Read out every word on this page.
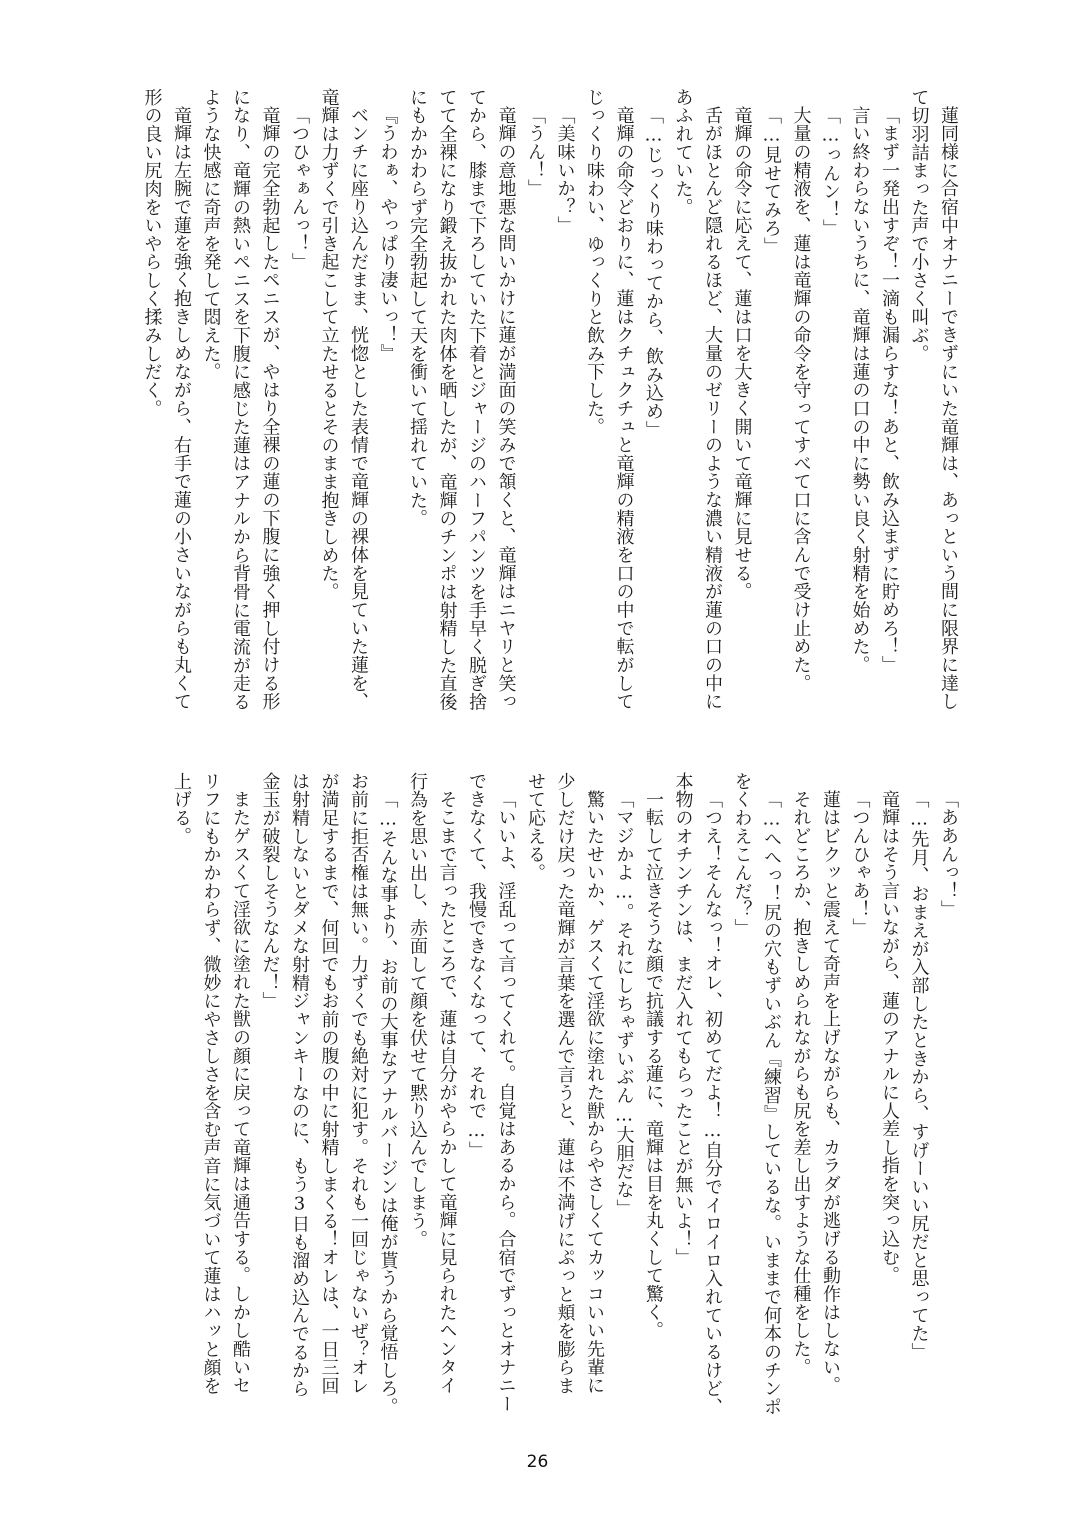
蓮同様に合宿中オナニーできずにいた竜輝は、あっという間に限界に達し

て切羽詰まった声で小さく叫ぶ。

「まず一発出すぞ！一滴も漏らすな！あと、飲み込まずに貯めろ！」

言い終わらないうちに、竜輝は蓮の口の中に勢い良く射精を始めた。

「…っんン！」

大量の精液を、蓮は竜輝の命令を守ってすべて口に含んで受け止めた。

「…見せてみろ」

竜輝の命令に応えて、蓮は口を大きく開いて竜輝に見せる。

舌がほとんど隠れるほど、大量のゼリーのような濃い精液が蓮の口の中に

あふれていた。

「…じっくり味わってから、飲み込め」

竜輝の命令どおりに、蓮はクチュクチュと竜輝の精液を口の中で転がして

じっくり味わい、ゆっくりと飲み下した。

「美味いか？」

「うん！」

竜輝の意地悪な問いかけに蓮が満面の笑みで頷くと、竜輝はニヤリと笑っ

てから、膝まで下ろしていた下着とジャージのハーフパンツを手早く脱ぎ捨

てて全裸になり鍛え抜かれた肉体を晒したが、竜輝のチンポは射精した直後

にもかかわらず完全勃起して天を衝いて揺れていた。

『うわぁ、やっぱり凄いっ！』

ベンチに座り込んだまま、恍惚とした表情で竜輝の裸体を見ていた蓮を、

竜輝は力ずくで引き起こして立たせるとそのまま抱きしめた。

「つひゃぁんっ！」

竜輝の完全勃起したペニスが、やはり全裸の蓮の下腹に強く押し付ける形

になり、竜輝の熱いペニスを下腹に感じた蓮はアナルから背骨に電流が走る

ような快感に奇声を発して悶えた。

竜輝は左腕で蓮を強く抱きしめながら、右手で蓮の小さいながらも丸くて

形の良い尻肉をいやらしく揉みしだく。

「ああんっ！」

「…先月、おまえが入部したときから、すげーいい尻だと思ってた」

竜輝はそう言いながら、蓮のアナルに人差し指を突っ込む。

「つんひゃあ！」

蓮はビクッと震えて奇声を上げながらも、カラダが逃げる動作はしない。

それどころか、抱きしめられながらも尻を差し出すような仕種をした。

「…へへっ！尻の穴もずいぶん『練習』しているな。いままで何本のチンポ

をくわえこんだ？」

「つえ！そんなっ！オレ、初めてだよ！…自分でイロイロ入れているけど、

本物のオチンチンは、まだ入れてもらったことが無いよ！」

一転して泣きそうな顔で抗議する蓮に、竜輝は目を丸くして驚く。

「マジかよ…。それにしちゃずいぶん…大胆だな」

驚いたせいか、ゲスくて淫欲に塗れた獣からやさしくてカッコいい先輩に

少しだけ戻った竜輝が言葉を選んで言うと、蓮は不満げにぷっと頬を膨らま

せて応える。

「いいよ、淫乱って言ってくれて。自覚はあるから。合宿でずっとオナニー

できなくて、我慢できなくなって、それで…」

そこまで言ったところで、蓮は自分がやらかして竜輝に見られたヘンタイ

行為を思い出し、赤面して顔を伏せて黙り込んでしまう。

「…そんな事より、お前の大事なアナルバージンは俺が貰うから覚悟しろ。

お前に拒否権は無い。力ずくでも絶対に犯す。それも一回じゃないぜ？オレ

が満足するまで、何回でもお前の腹の中に射精しまくる！オレは、一日三回

は射精しないとダメな射精ジャンキーなのに、もう3日も溜め込んでるから

金玉が破裂しそうなんだ！」

またゲスくて淫欲に塗れた獣の顔に戻って竜輝は通告する。しかし酷いセ

リフにもかかわらず、微妙にやさしさを含む声音に気づいて蓮はハッと顔を

上げる。

26
